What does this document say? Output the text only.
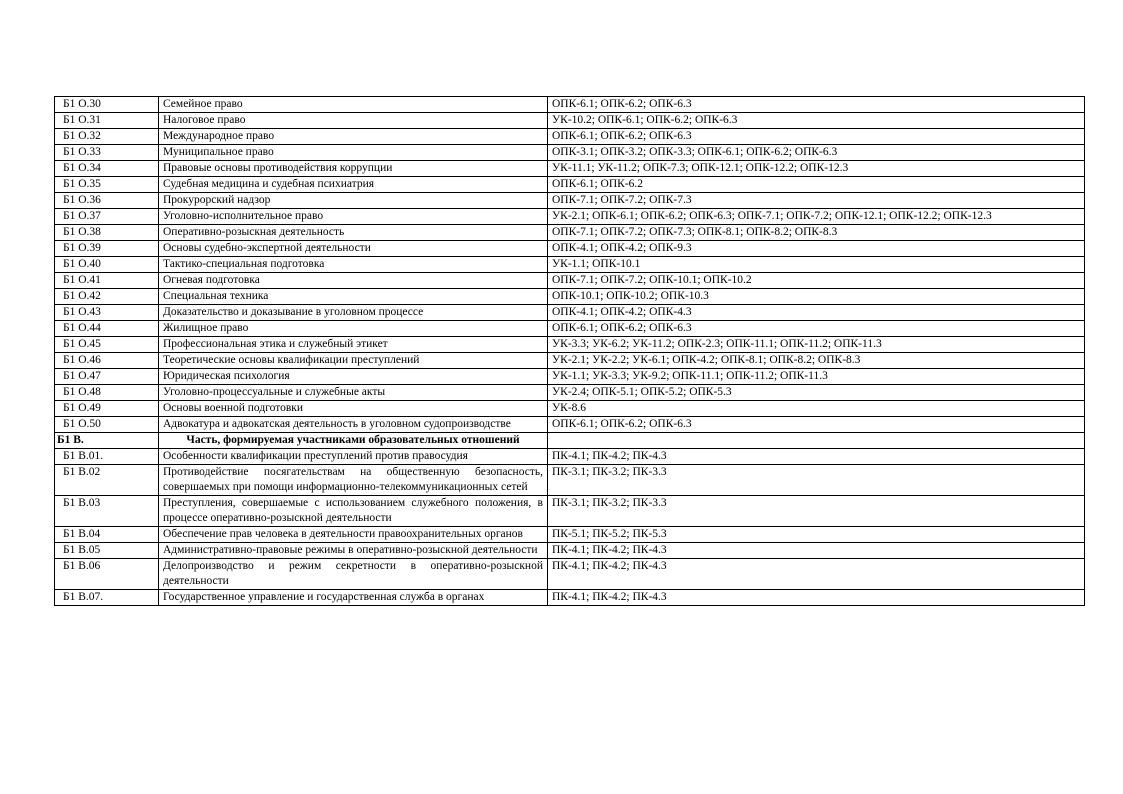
Б1 О.30	Семейное право	ОПК-6.1; ОПК-6.2; ОПК-6.3
Б1 О.31	Налоговое право	УК-10.2; ОПК-6.1; ОПК-6.2; ОПК-6.3
Б1 О.32	Международное право	ОПК-6.1; ОПК-6.2; ОПК-6.3
Б1 О.33	Муниципальное право	ОПК-3.1; ОПК-3.2; ОПК-3.3; ОПК-6.1; ОПК-6.2; ОПК-6.3
Б1 О.34	Правовые основы противодействия коррупции	УК-11.1; УК-11.2; ОПК-7.3; ОПК-12.1; ОПК-12.2; ОПК-12.3
Б1 О.35	Судебная медицина и судебная психиатрия	ОПК-6.1; ОПК-6.2
Б1 О.36	Прокурорский надзор	ОПК-7.1; ОПК-7.2; ОПК-7.3
Б1 О.37	Уголовно-исполнительное право	УК-2.1; ОПК-6.1; ОПК-6.2; ОПК-6.3; ОПК-7.1; ОПК-7.2; ОПК-12.1; ОПК-12.2; ОПК-12.3
Б1 О.38	Оперативно-розыскная деятельность	ОПК-7.1; ОПК-7.2; ОПК-7.3; ОПК-8.1; ОПК-8.2; ОПК-8.3
Б1 О.39	Основы судебно-экспертной деятельности	ОПК-4.1; ОПК-4.2; ОПК-9.3
Б1 О.40	Тактико-специальная подготовка	УК-1.1; ОПК-10.1
Б1 О.41	Огневая подготовка	ОПК-7.1; ОПК-7.2; ОПК-10.1; ОПК-10.2
Б1 О.42	Специальная техника	ОПК-10.1; ОПК-10.2; ОПК-10.3
Б1 О.43	Доказательство и доказывание в уголовном процессе	ОПК-4.1; ОПК-4.2; ОПК-4.3
Б1 О.44	Жилищное право	ОПК-6.1; ОПК-6.2; ОПК-6.3
Б1 О.45	Профессиональная этика и служебный этикет	УК-3.3; УК-6.2; УК-11.2; ОПК-2.3; ОПК-11.1; ОПК-11.2; ОПК-11.3
Б1 О.46	Теоретические основы квалификации преступлений	УК-2.1; УК-2.2; УК-6.1; ОПК-4.2; ОПК-8.1; ОПК-8.2; ОПК-8.3
Б1 О.47	Юридическая психология	УК-1.1; УК-3.3; УК-9.2; ОПК-11.1; ОПК-11.2; ОПК-11.3
Б1 О.48	Уголовно-процессуальные и служебные акты	УК-2.4; ОПК-5.1; ОПК-5.2; ОПК-5.3
Б1 О.49	Основы военной подготовки	УК-8.6
Б1 О.50	Адвокатура и адвокатская деятельность в уголовном судопроизводстве	ОПК-6.1; ОПК-6.2; ОПК-6.3
Б1 В.	Часть, формируемая участниками образовательных отношений	
Б1 В.01.	Особенности квалификации преступлений против правосудия	ПК-4.1; ПК-4.2; ПК-4.3
Б1 В.02	Противодействие посягательствам на общественную безопасность, совершаемых при помощи информационно-телекоммуникационных сетей	ПК-3.1; ПК-3.2; ПК-3.3
Б1 В.03	Преступления, совершаемые с использованием служебного положения, в процессе оперативно-розыскной деятельности	ПК-3.1; ПК-3.2; ПК-3.3
Б1 В.04	Обеспечение прав человека в деятельности правоохранительных органов	ПК-5.1; ПК-5.2; ПК-5.3
Б1 В.05	Административно-правовые режимы в оперативно-розыскной деятельности	ПК-4.1; ПК-4.2; ПК-4.3
Б1 В.06	Делопроизводство и режим секретности в оперативно-розыскной деятельности	ПК-4.1; ПК-4.2; ПК-4.3
Б1 В.07.	Государственное управление и государственная служба в органах	ПК-4.1; ПК-4.2; ПК-4.3
